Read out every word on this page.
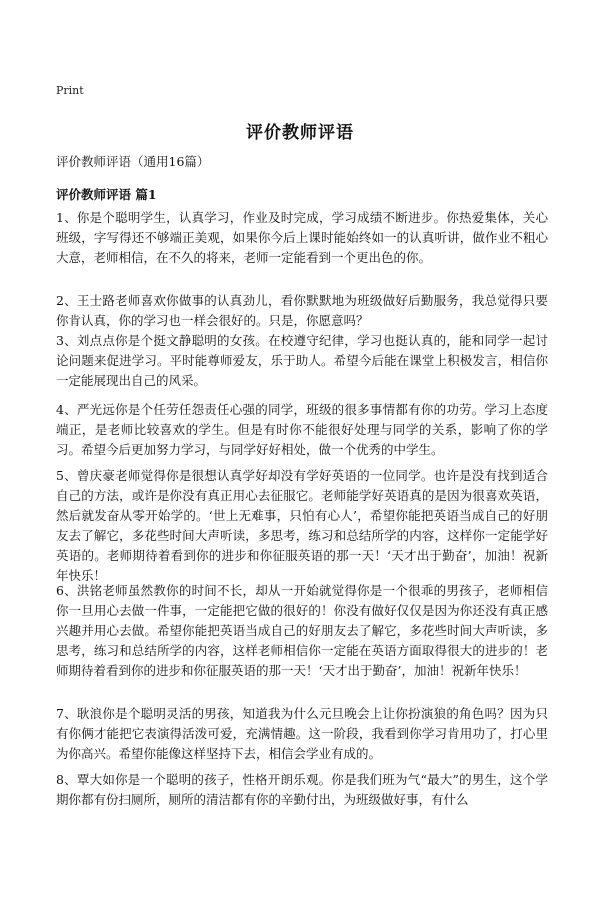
Print
评价教师评语
评价教师评语（通用16篇）
评价教师评语 篇1

1、你是个聪明学生，认真学习，作业及时完成，学习成绩不断进步。你热爱集体，关心班级，字写得还不够端正美观，如果你今后上课时能始终如一的认真听讲，做作业不粗心大意，老师相信，在不久的将来，老师一定能看到一个更出色的你。

2、王士路老师喜欢你做事的认真劲儿，看你默默地为班级做好后勤服务，我总觉得只要你肯认真，你的学习也一样会很好的。只是，你愿意吗？

3、刘点点你是个挺文静聪明的女孩。在校遵守纪律，学习也挺认真的，能和同学一起讨论问题来促进学习。平时能尊师爱友，乐于助人。希望今后能在课堂上积极发言，相信你一定能展现出自己的风采。

4、严光远你是个任劳任怨责任心强的同学，班级的很多事情都有你的功劳。学习上态度端正，是老师比较喜欢的学生。但是有时你不能很好处理与同学的关系，影响了你的学习。希望今后更加努力学习，与同学好好相处，做一个优秀的中学生。

5、曾庆豪老师觉得你是很想认真学好却没有学好英语的一位同学。也许是没有找到适合自己的方法，或许是你没有真正用心去征服它。老师能学好英语真的是因为很喜欢英语，然后就发奋从零开始学的。‘世上无难事，只怕有心人’，希望你能把英语当成自己的好朋友去了解它，多花些时间大声听读，多思考，练习和总结所学的内容，这样你一定能学好英语的。老师期待着看到你的进步和你征服英语的那一天！‘天才出于勤奋’，加油！祝新年快乐！

6、洪铭老师虽然教你的时间不长，却从一开始就觉得你是一个很乖的男孩子，老师相信你一旦用心去做一件事，一定能把它做的很好的！你没有做好仅仅是因为你还没有真正感兴趣并用心去做。希望你能把英语当成自己的好朋友去了解它，多花些时间大声听读，多思考，练习和总结所学的内容，这样老师相信你一定能在英语方面取得很大的进步的！老师期待着看到你的进步和你征服英语的那一天！‘天才出于勤奋’，加油！祝新年快乐！

7、耿浪你是个聪明灵活的男孩，知道我为什么元旦晚会上让你扮演狼的角色吗？因为只有你俩才能把它表演得活泼可爱，充满情趣。这一阶段，我看到你学习肯用功了，打心里为你高兴。希望你能像这样坚持下去，相信会学业有成的。

8、覃大如你是一个聪明的孩子，性格开朗乐观。你是我们班为气“最大”的男生，这个学期你都有份扫厕所，厕所的清洁都有你的辛勤付出，为班级做好事，有什么
